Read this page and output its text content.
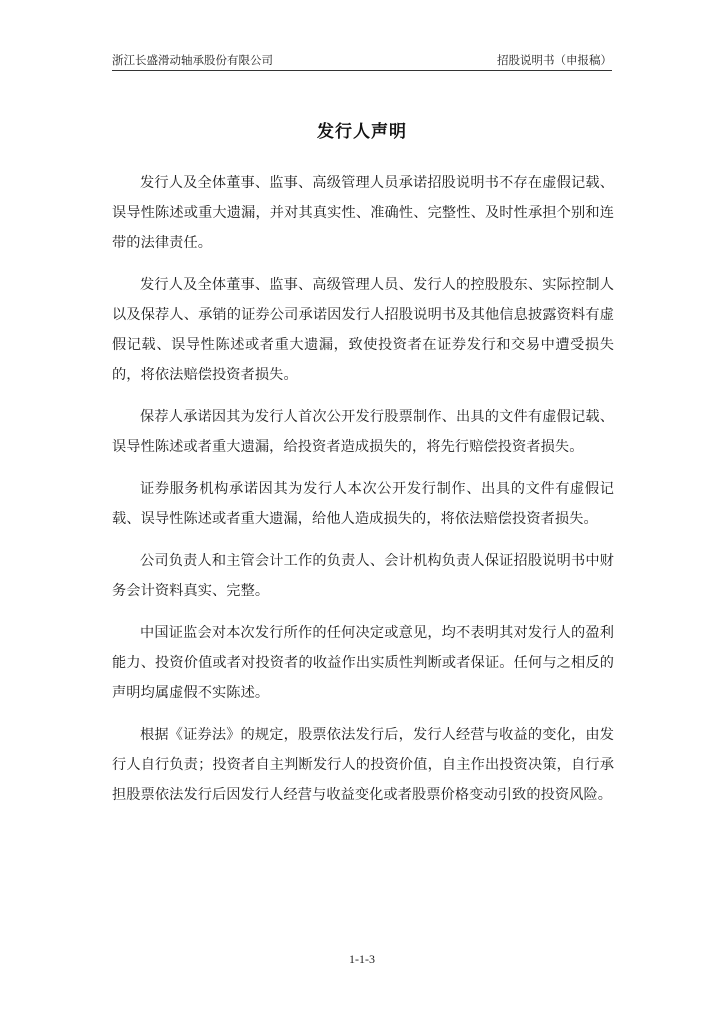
浙江长盛滑动轴承股份有限公司	招股说明书（申报稿）
发行人声明

发行人及全体董事、监事、高级管理人员承诺招股说明书不存在虚假记载、误导性陈述或重大遗漏，并对其真实性、准确性、完整性、及时性承担个别和连带的法律责任。

发行人及全体董事、监事、高级管理人员、发行人的控股股东、实际控制人以及保荐人、承销的证券公司承诺因发行人招股说明书及其他信息披露资料有虚假记载、误导性陈述或者重大遗漏，致使投资者在证券发行和交易中遭受损失的，将依法赔偿投资者损失。

保荐人承诺因其为发行人首次公开发行股票制作、出具的文件有虚假记载、误导性陈述或者重大遗漏，给投资者造成损失的，将先行赔偿投资者损失。

证券服务机构承诺因其为发行人本次公开发行制作、出具的文件有虚假记载、误导性陈述或者重大遗漏，给他人造成损失的，将依法赔偿投资者损失。

公司负责人和主管会计工作的负责人、会计机构负责人保证招股说明书中财务会计资料真实、完整。

中国证监会对本次发行所作的任何决定或意见，均不表明其对发行人的盈利能力、投资价值或者对投资者的收益作出实质性判断或者保证。任何与之相反的声明均属虚假不实陈述。

根据《证券法》的规定，股票依法发行后，发行人经营与收益的变化，由发行人自行负责；投资者自主判断发行人的投资价值，自主作出投资决策，自行承担股票依法发行后因发行人经营与收益变化或者股票价格变动引致的投资风险。

1-1-3
